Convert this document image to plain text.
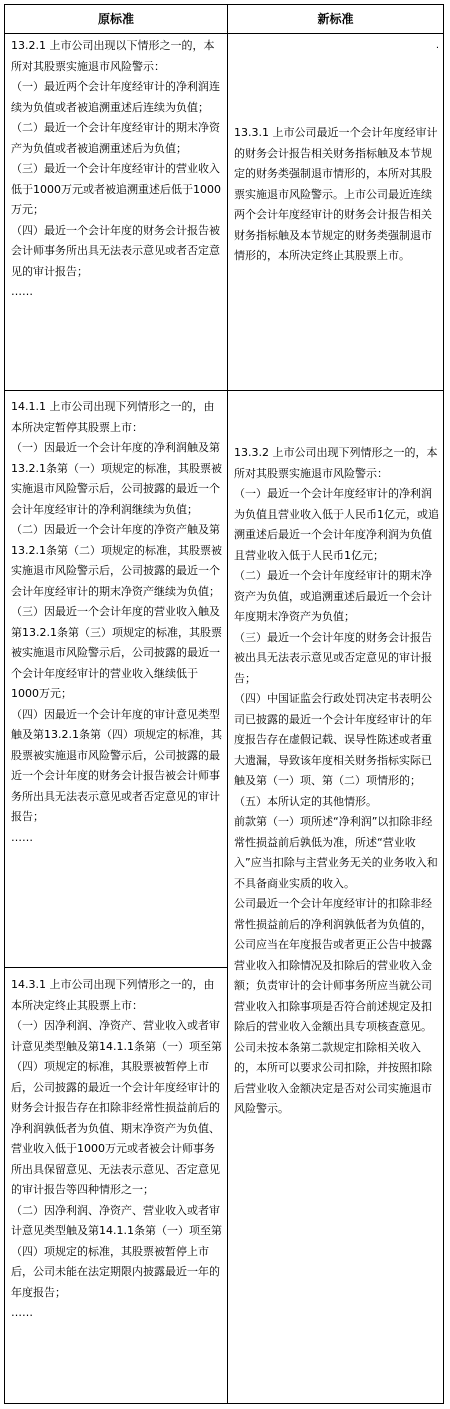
原标准	新标准

13.2.1 上市公司出现以下情形之一的，本所对其股票实施退市风险警示：

（一）最近两个会计年度经审计的净利润连续为负值或者被追溯重述后连续为负值；

（二）最近一个会计年度经审计的期末净资产为负值或者被追溯重述后为负值；

（三）最近一个会计年度经审计的营业收入低于1000万元或者被追溯重述后低于1000万元；

（四）最近一个会计年度的财务会计报告被会计师事务所出具无法表示意见或者否定意见的审计报告；

……

14.1.1 上市公司出现下列情形之一的，由本所决定暂停其股票上市：

（一）因最近一个会计年度的净利润触及第13.2.1条第（一）项规定的标准，其股票被实施退市风险警示后，公司披露的最近一个会计年度经审计的净利润继续为负值；

（二）因最近一个会计年度的净资产触及第13.2.1条第（二）项规定的标准，其股票被实施退市风险警示后，公司披露的最近一个会计年度经审计的期末净资产继续为负值；

（三）因最近一个会计年度的营业收入触及第13.2.1条第（三）项规定的标准，其股票被实施退市风险警示后，公司披露的最近一个会计年度经审计的营业收入继续低于1000万元；

（四）因最近一个会计年度的审计意见类型触及第13.2.1条第（四）项规定的标准，其股票被实施退市风险警示后，公司披露的最近一个会计年度的财务会计报告被会计师事务所出具无法表示意见或者否定意见的审计报告；

……

14.3.1 上市公司出现下列情形之一的，由本所决定终止其股票上市：

（一）因净利润、净资产、营业收入或者审计意见类型触及第14.1.1条第（一）项至第（四）项规定的标准，其股票被暂停上市后，公司披露的最近一个会计年度经审计的财务会计报告存在扣除非经常性损益前后的净利润孰低者为负值、期末净资产为负值、营业收入低于1000万元或者被会计师事务所出具保留意见、无法表示意见、否定意见的审计报告等四种情形之一；

（二）因净利润、净资产、营业收入或者审计意见类型触及第14.1.1条第（一）项至第（四）项规定的标准，其股票被暂停上市后，公司未能在法定期限内披露最近一年的年度报告；

……

.

13.3.1 上市公司最近一个会计年度经审计的财务会计报告相关财务指标触及本节规定的财务类强制退市情形的，本所对其股票实施退市风险警示。上市公司最近连续两个会计年度经审计的财务会计报告相关财务指标触及本节规定的财务类强制退市情形的，本所决定终止其股票上市。

13.3.2 上市公司出现下列情形之一的，本所对其股票实施退市风险警示：

（一）最近一个会计年度经审计的净利润为负值且营业收入低于人民币1亿元，或追溯重述后最近一个会计年度净利润为负值且营业收入低于人民币1亿元；

（二）最近一个会计年度经审计的期末净资产为负值，或追溯重述后最近一个会计年度期末净资产为负值；

（三）最近一个会计年度的财务会计报告被出具无法表示意见或否定意见的审计报告；

（四）中国证监会行政处罚决定书表明公司已披露的最近一个会计年度经审计的年度报告存在虚假记载、误导性陈述或者重大遗漏，导致该年度相关财务指标实际已触及第（一）项、第（二）项情形的；

（五）本所认定的其他情形。

前款第（一）项所述“净利润”以扣除非经常性损益前后孰低为准，所述“营业收入”应当扣除与主营业务无关的业务收入和不具备商业实质的收入。

公司最近一个会计年度经审计的扣除非经常性损益前后的净利润孰低者为负值的，公司应当在年度报告或者更正公告中披露营业收入扣除情况及扣除后的营业收入金额；负责审计的会计师事务所应当就公司营业收入扣除事项是否符合前述规定及扣除后的营业收入金额出具专项核查意见。

公司未按本条第二款规定扣除相关收入的，本所可以要求公司扣除，并按照扣除后营业收入金额决定是否对公司实施退市风险警示。
